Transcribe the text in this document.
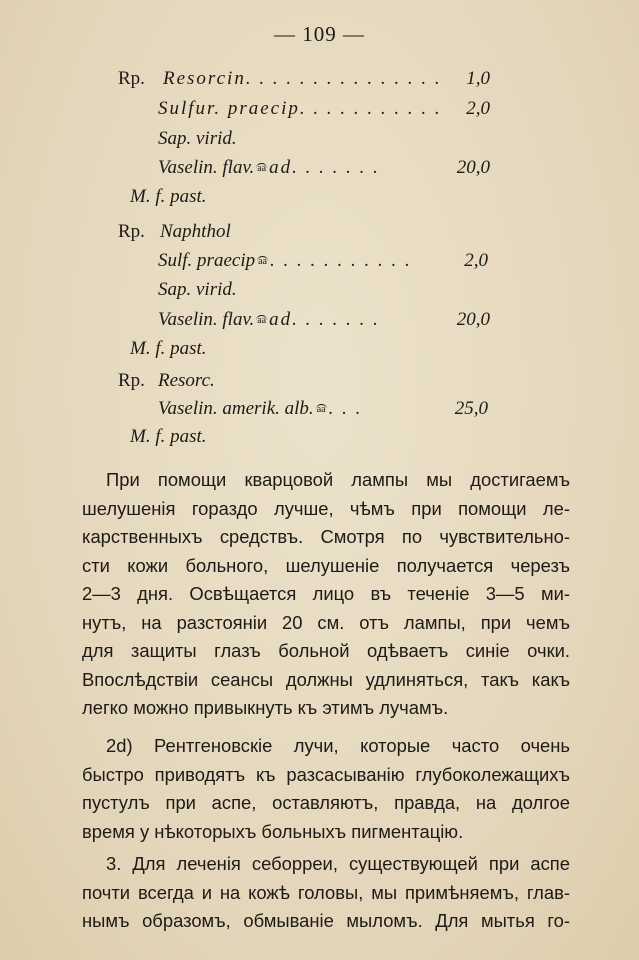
— 109 —
Rp. Resorcin. . . . . . . . . . . . . . .	1,0
Sulfur. praecip. . . . . . . . . . .	2,0
Sap. virid.
Vaselin. flav. aa ad. . . . . . .	20,0
M. f. past.
Rp. Naphthol
Sulf. praecip aa . . . . . . . . . . .	2,0
Sap. virid.
Vaselin. flav. aa ad. . . . . . .	20,0
M. f. past.
Rp. Resorc.
Vaselin. amerik. alb. aa . . .	25,0
M. f. past.
При помощи кварцовой лампы мы достигаемъ
шелушенія гораздо лучше, чѣмъ при помощи ле-
карственныхъ средствъ. Смотря по чувствительно-
сти кожи больного, шелушеніе получается черезъ
2—3 дня. Освѣщается лицо въ теченіе 3—5 ми-
нутъ, на разстояніи 20 см. отъ лампы, при чемъ
для защиты глазъ больной одѣваетъ синіе очки.
Впослѣдствіи сеансы должны удлиняться, такъ какъ
легко можно привыкнуть къ этимъ лучамъ.
2d) Рентгеновскіе лучи, которые часто очень
быстро приводятъ къ разсасыванію глубоколежащихъ
пустулъ при аспе, оставляютъ, правда, на долгое
время у нѣкоторыхъ больныхъ пигментацію.
3. Для леченія себорреи, существующей при аспе
почти всегда и на кожѣ головы, мы примѣняемъ, глав-
нымъ образомъ, обмываніе мыломъ. Для мытья го-
